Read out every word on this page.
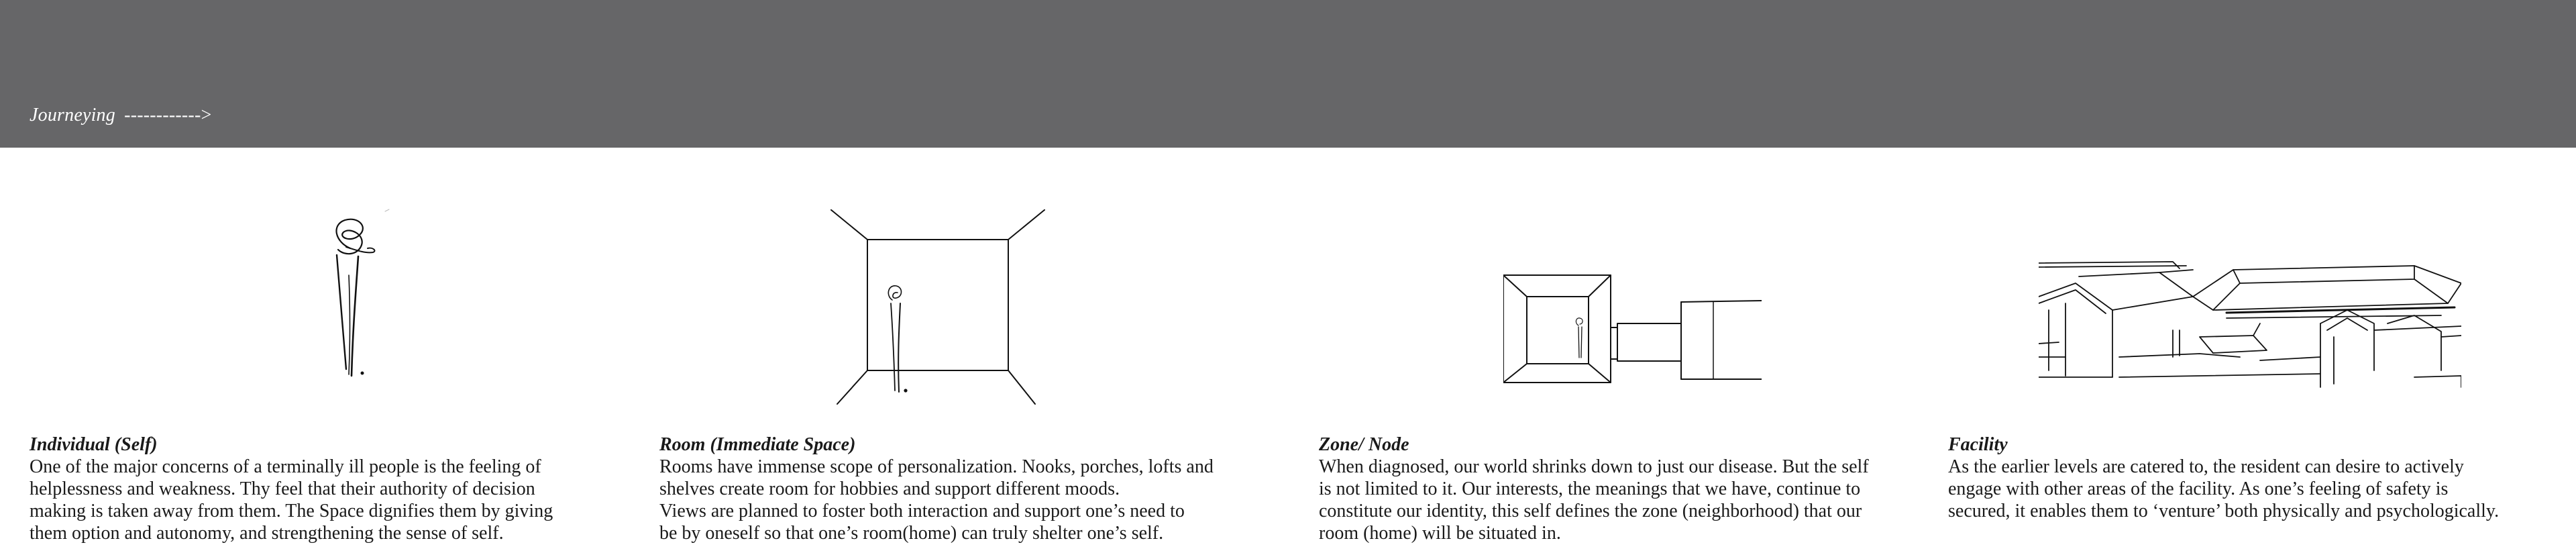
Journeying ------------>
Individual (Self)
One of the major concerns of a terminally ill people is the feeling of
helplessness and weakness. Thy feel that their authority of decision
making is taken away from them. The Space dignifies them by giving
them option and autonomy, and strengthening the sense of self.
Room (Immediate Space)
Rooms have immense scope of personalization. Nooks, porches, lofts and
shelves create room for hobbies and support different moods.
Views are planned to foster both interaction and support one’s need to
be by oneself so that one’s room(home) can truly shelter one’s self.
Zone/ Node
When diagnosed, our world shrinks down to just our disease. But the self
is not limited to it. Our interests, the meanings that we have, continue to
constitute our identity, this self defines the zone (neighborhood) that our
room (home) will be situated in.
Facility
As the earlier levels are catered to, the resident can desire to actively
engage with other areas of the facility. As one’s feeling of safety is
secured, it enables them to ‘venture’ both physically and psychologically.
